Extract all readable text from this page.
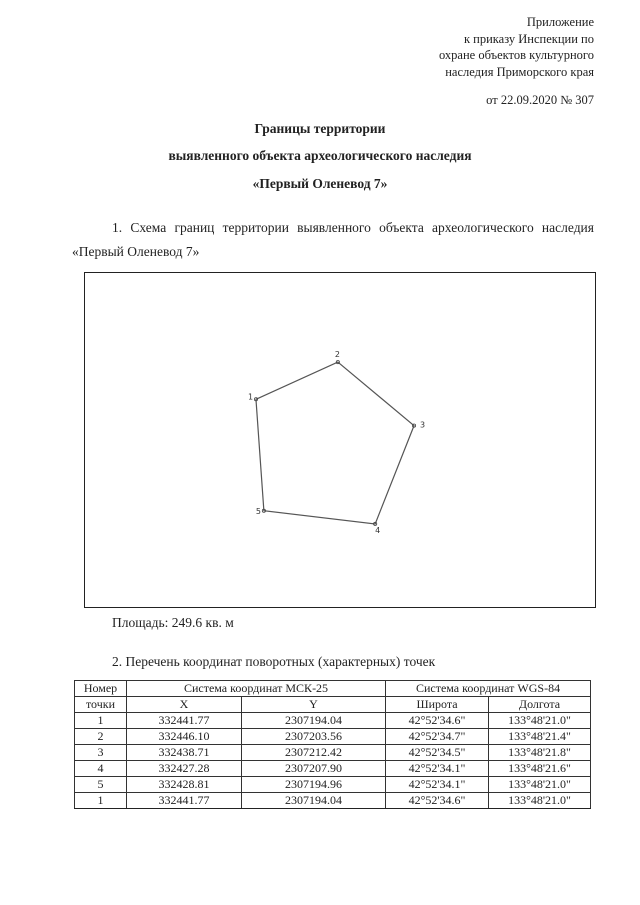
Приложение
к приказу Инспекции по
охране объектов культурного
наследия Приморского края
от 22.09.2020 № 307
Границы территории
выявленного объекта археологического наследия
«Первый Оленевод 7»
1. Схема границ территории выявленного объекта археологического наследия «Первый Оленевод 7»
1
2
3
4
5
Площадь: 249.6 кв. м
2. Перечень координат поворотных (характерных) точек
Номер	Система координат МСК-25		Система координат WGS-84	
точки	X	Y	Широта	Долгота
1	332441.77	2307194.04	42°52'34.6"	133°48'21.0"
2	332446.10	2307203.56	42°52'34.7"	133°48'21.4"
3	332438.71	2307212.42	42°52'34.5"	133°48'21.8"
4	332427.28	2307207.90	42°52'34.1"	133°48'21.6"
5	332428.81	2307194.96	42°52'34.1"	133°48'21.0"
1	332441.77	2307194.04	42°52'34.6"	133°48'21.0"
